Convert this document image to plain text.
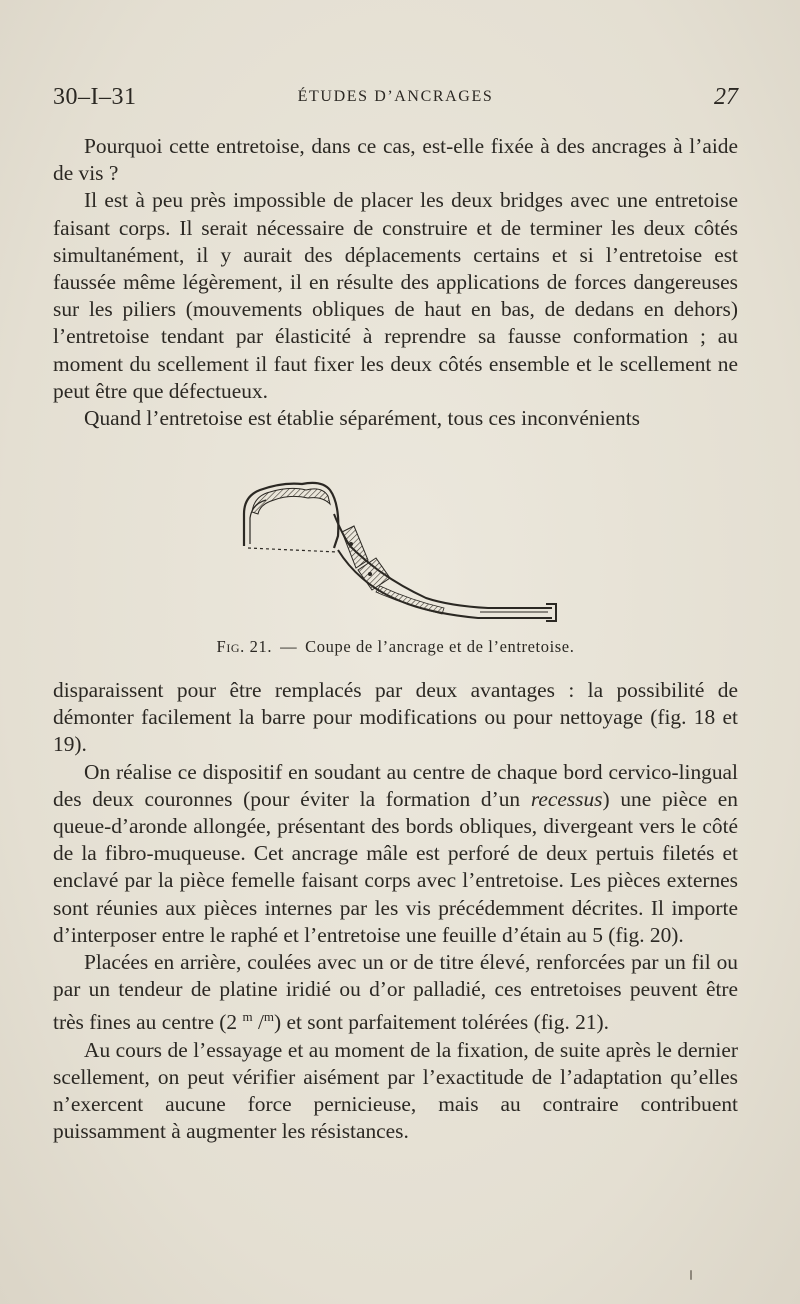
30–I–31	ÉTUDES D’ANCRAGES	27

Pourquoi cette entretoise, dans ce cas, est-elle fixée à des ancrages à l’aide de vis ?

Il est à peu près impossible de placer les deux bridges avec une entretoise faisant corps. Il serait nécessaire de construire et de terminer les deux côtés simultanément, il y aurait des déplacements certains et si l’entretoise est faussée même légèrement, il en résulte des applications de forces dangereuses sur les piliers (mouvements obliques de haut en bas, de dedans en dehors) l’entretoise tendant par élasticité à reprendre sa fausse conformation ; au moment du scellement il faut fixer les deux côtés ensemble et le scellement ne peut être que défectueux.

Quand l’entretoise est établie séparément, tous ces inconvénients

Fig. 21. — Coupe de l’ancrage et de l’entretoise.

disparaissent pour être remplacés par deux avantages : la possibilité de démonter facilement la barre pour modifications ou pour nettoyage (fig. 18 et 19).

On réalise ce dispositif en soudant au centre de chaque bord cervico-lingual des deux couronnes (pour éviter la formation d’un recessus) une pièce en queue-d’aronde allongée, présentant des bords obliques, divergeant vers le côté de la fibro-muqueuse. Cet ancrage mâle est perforé de deux pertuis filetés et enclavé par la pièce femelle faisant corps avec l’entretoise. Les pièces externes sont réunies aux pièces internes par les vis précédemment décrites. Il importe d’interposer entre le raphé et l’entretoise une feuille d’étain au 5 (fig. 20).

Placées en arrière, coulées avec un or de titre élevé, renforcées par un fil ou par un tendeur de platine iridié ou d’or palladié, ces entretoises peuvent être très fines au centre (2 $^m$ /$^m$) et sont parfaitement tolérées (fig. 21).

Au cours de l’essayage et au moment de la fixation, de suite après le dernier scellement, on peut vérifier aisément par l’exactitude de l’adaptation qu’elles n’exercent aucune force pernicieuse, mais au contraire contribuent puissamment à augmenter les résistances.
